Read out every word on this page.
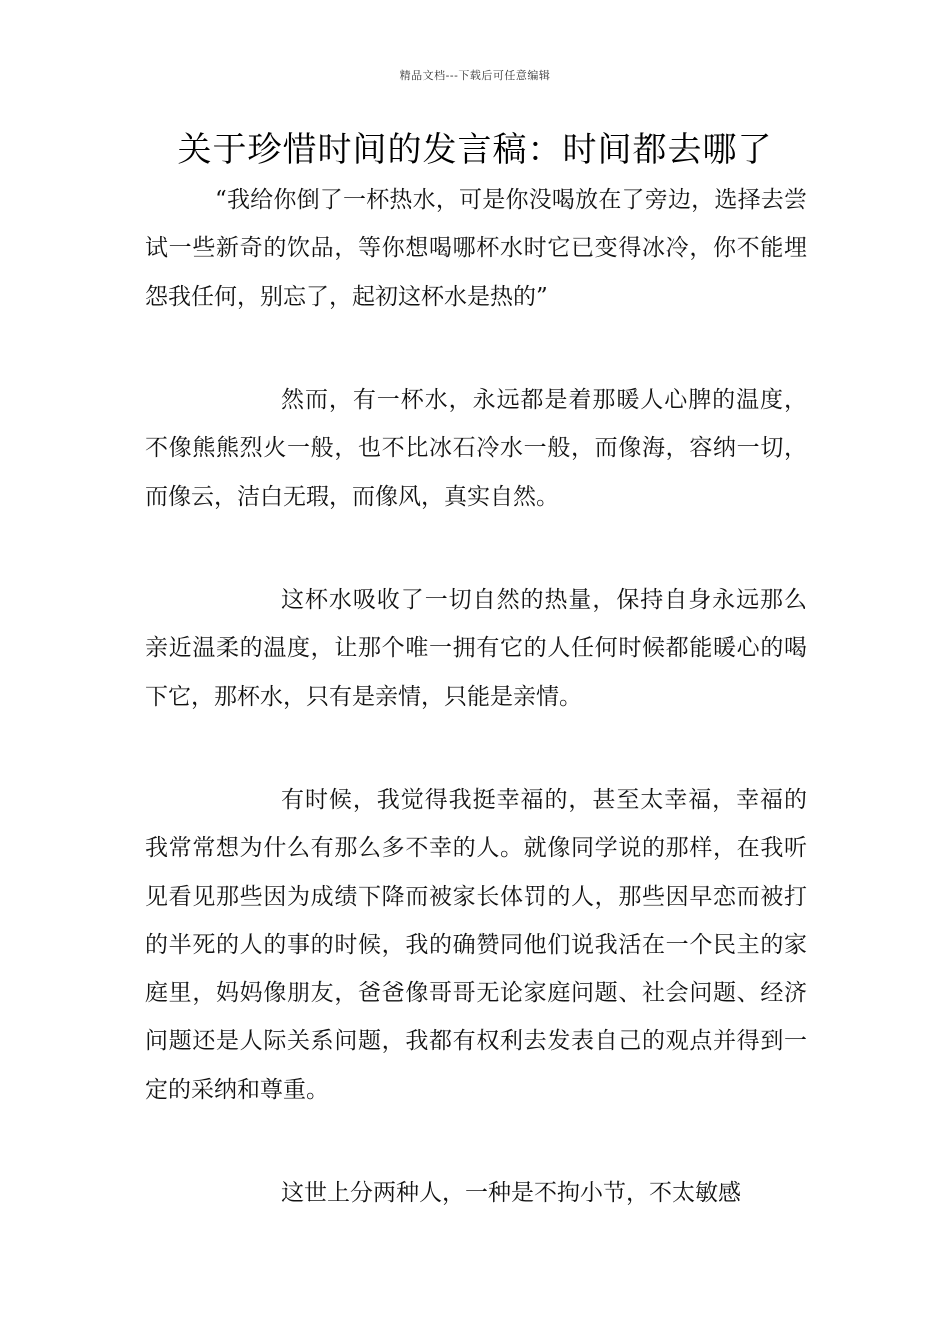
精品文档---下载后可任意编辑
关于珍惜时间的发言稿：时间都去哪了

“我给你倒了一杯热水，可是你没喝放在了旁边，选择去尝试一些新奇的饮品，等你想喝哪杯水时它已变得冰冷，你不能埋怨我任何，别忘了，起初这杯水是热的”

然而，有一杯水，永远都是着那暖人心脾的温度，不像熊熊烈火一般，也不比冰石冷水一般，而像海，容纳一切，而像云，洁白无瑕，而像风，真实自然。

这杯水吸收了一切自然的热量，保持自身永远那么亲近温柔的温度，让那个唯一拥有它的人任何时候都能暖心的喝下它，那杯水，只有是亲情，只能是亲情。

有时候，我觉得我挺幸福的，甚至太幸福，幸福的我常常想为什么有那么多不幸的人。就像同学说的那样，在我听见看见那些因为成绩下降而被家长体罚的人，那些因早恋而被打的半死的人的事的时候，我的确赞同他们说我活在一个民主的家庭里，妈妈像朋友，爸爸像哥哥无论家庭问题、社会问题、经济问题还是人际关系问题，我都有权利去发表自己的观点并得到一定的采纳和尊重。

这世上分两种人，一种是不拘小节，不太敏感
